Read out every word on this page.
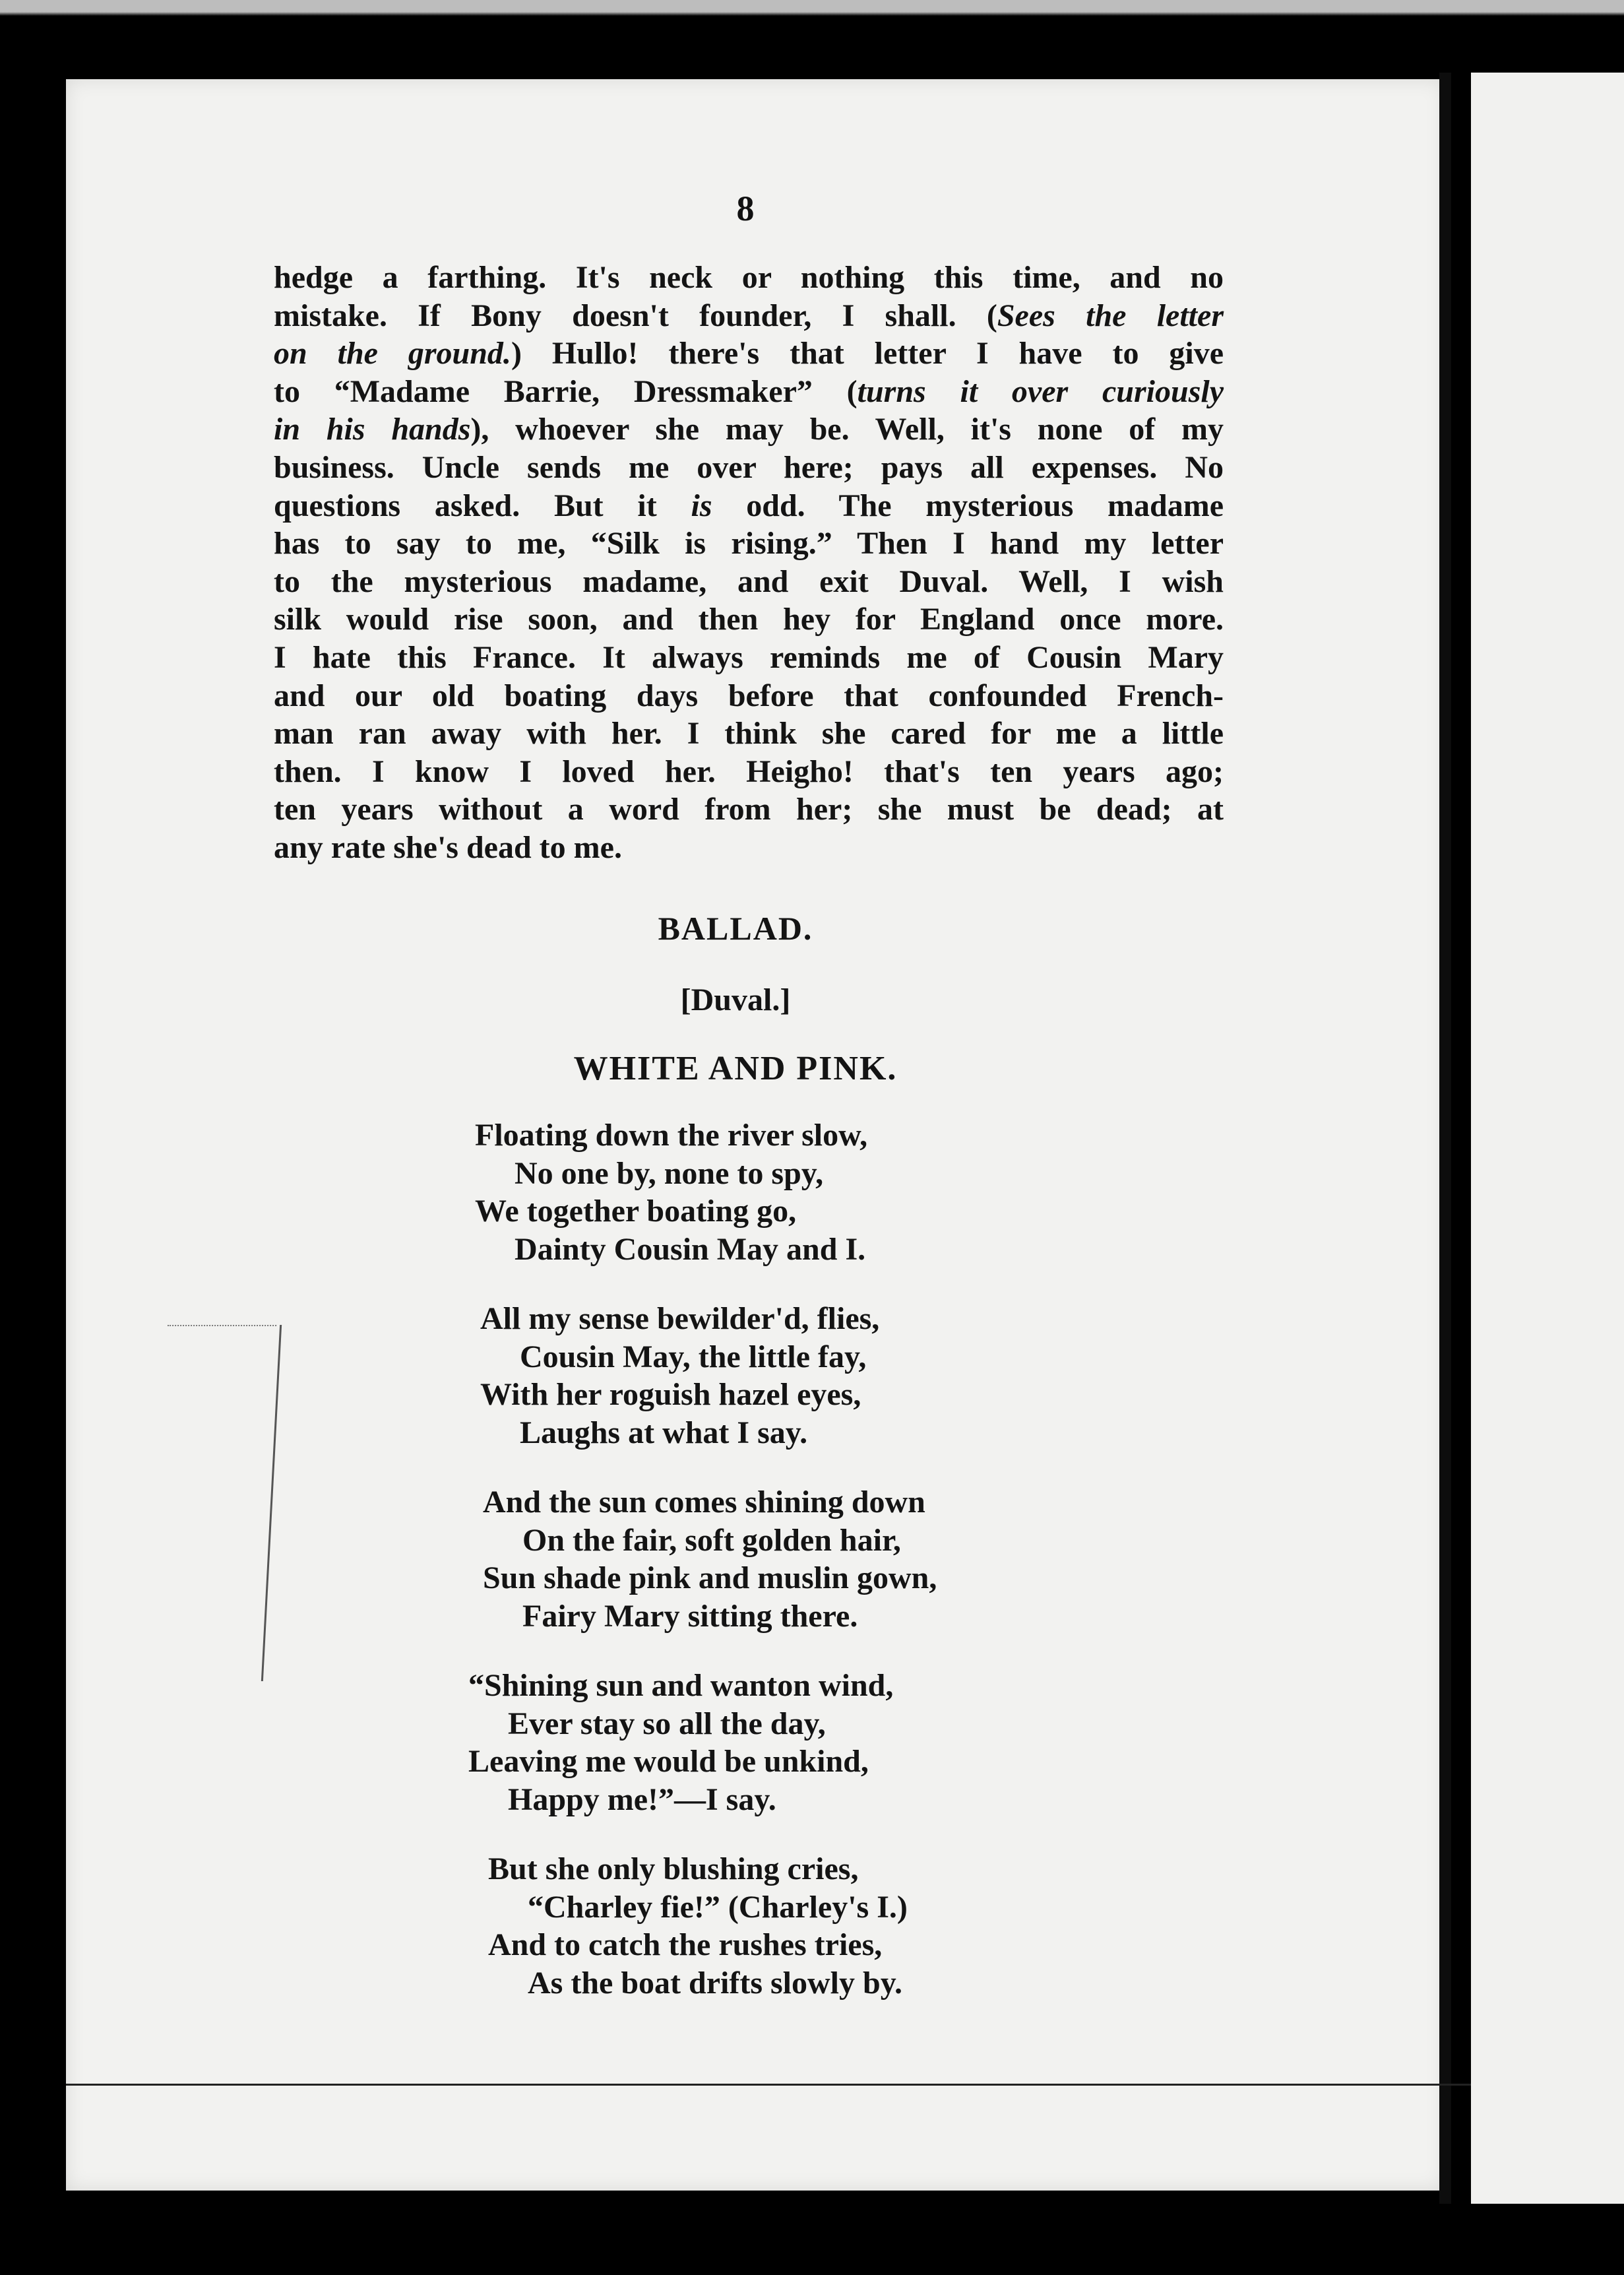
8
hedge a farthing. It's neck or nothing this time, and no
mistake. If Bony doesn't founder, I shall. (Sees the letter
on the ground.) Hullo! there's that letter I have to give
to “Madame Barrie, Dressmaker” (turns it over curiously
in his hands), whoever she may be. Well, it's none of my
business. Uncle sends me over here; pays all expenses. No
questions asked. But it is odd. The mysterious madame
has to say to me, “Silk is rising.” Then I hand my letter
to the mysterious madame, and exit Duval. Well, I wish
silk would rise soon, and then hey for England once more.
I hate this France. It always reminds me of Cousin Mary
and our old boating days before that confounded French-
man ran away with her. I think she cared for me a little
then. I know I loved her. Heigho! that's ten years ago;
ten years without a word from her; she must be dead; at
any rate she's dead to me.
BALLAD.
[Duval.]
WHITE AND PINK.
Floating down the river slow,
No one by, none to spy,
We together boating go,
Dainty Cousin May and I.
All my sense bewilder'd, flies,
Cousin May, the little fay,
With her roguish hazel eyes,
Laughs at what I say.
And the sun comes shining down
On the fair, soft golden hair,
Sun shade pink and muslin gown,
Fairy Mary sitting there.
“Shining sun and wanton wind,
Ever stay so all the day,
Leaving me would be unkind,
Happy me!”—I say.
But she only blushing cries,
“Charley fie!” (Charley's I.)
And to catch the rushes tries,
As the boat drifts slowly by.
